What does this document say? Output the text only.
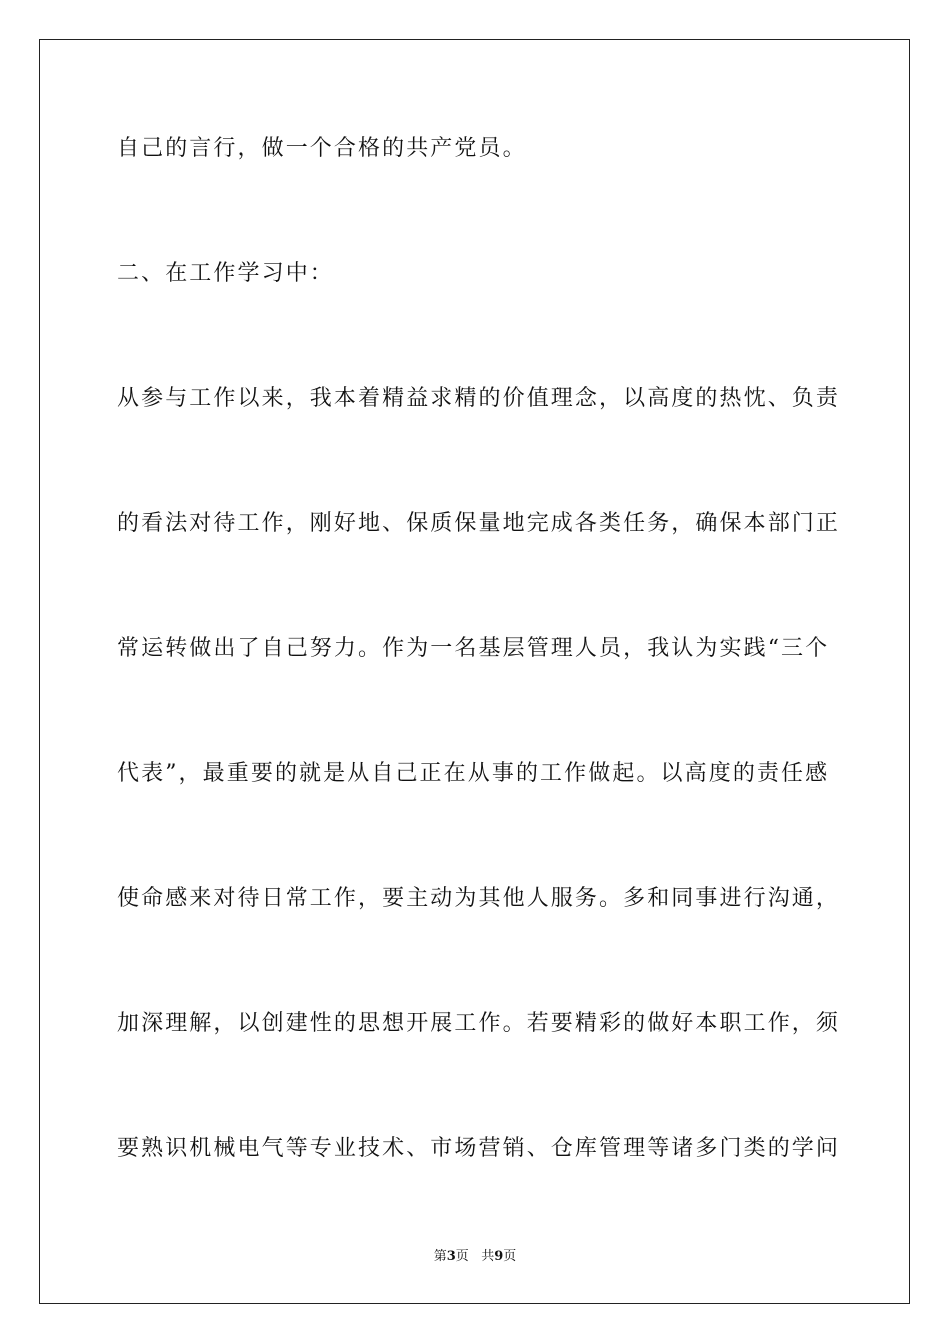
自己的言行，做一个合格的共产党员。
二、在工作学习中：
从参与工作以来，我本着精益求精的价值理念，以高度的热忱、负责
的看法对待工作，刚好地、保质保量地完成各类任务，确保本部门正
常运转做出了自己努力。作为一名基层管理人员，我认为实践“三个
代表”，最重要的就是从自己正在从事的工作做起。以高度的责任感
使命感来对待日常工作，要主动为其他人服务。多和同事进行沟通，
加深理解，以创建性的思想开展工作。若要精彩的做好本职工作，须
要熟识机械电气等专业技术、市场营销、仓库管理等诸多门类的学问
第3页 共9页
